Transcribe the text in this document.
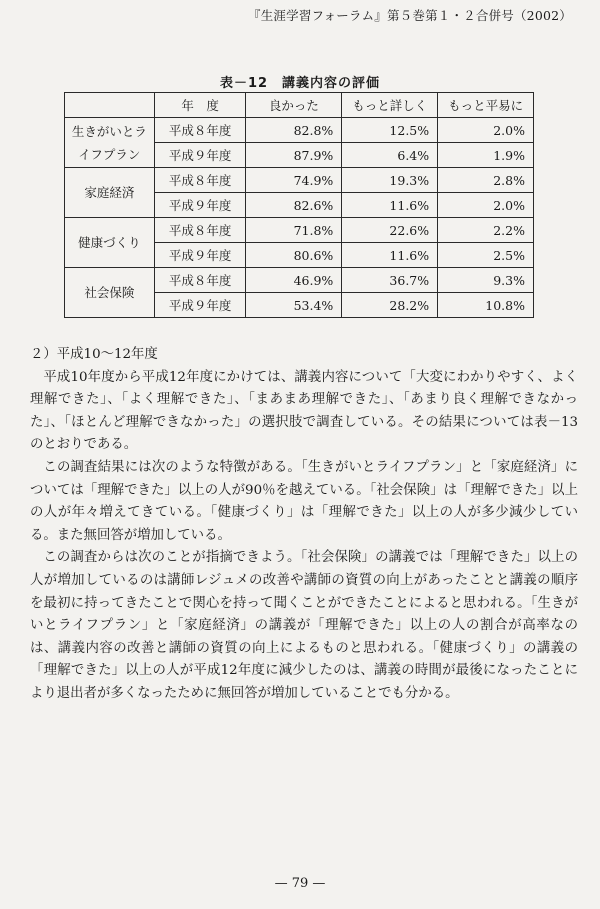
『生涯学習フォーラム』第５巻第１・２合併号（2002）
表－12　講義内容の評価
	年　度	良かった	もっと詳しく	もっと平易に
生きがいとライフプラン	平成８年度	82.8%	12.5%	2.0%
	平成９年度	87.9%	6.4%	1.9%
家庭経済	平成８年度	74.9%	19.3%	2.8%
	平成９年度	82.6%	11.6%	2.0%
健康づくり	平成８年度	71.8%	22.6%	2.2%
	平成９年度	80.6%	11.6%	2.5%
社会保険	平成８年度	46.9%	36.7%	9.3%
	平成９年度	53.4%	28.2%	10.8%
２）平成10～12年度

平成10年度から平成12年度にかけては、講義内容について「大変にわかりやすく、よく理解できた」、「よく理解できた」、「まあまあ理解できた」、「あまり良く理解できなかった」、「ほとんど理解できなかった」の選択肢で調査している。その結果については表－13のとおりである。

この調査結果には次のような特徴がある。「生きがいとライフプラン」と「家庭経済」については「理解できた」以上の人が90％を越えている。「社会保険」は「理解できた」以上の人が年々増えてきている。「健康づくり」は「理解できた」以上の人が多少減少している。また無回答が増加している。

この調査からは次のことが指摘できよう。「社会保険」の講義では「理解できた」以上の人が増加しているのは講師レジュメの改善や講師の資質の向上があったことと講義の順序を最初に持ってきたことで関心を持って聞くことができたことによると思われる。「生きがいとライフプラン」と「家庭経済」の講義が「理解できた」以上の人の割合が高率なのは、講義内容の改善と講師の資質の向上によるものと思われる。「健康づくり」の講義の「理解できた」以上の人が平成12年度に減少したのは、講義の時間が最後になったことにより退出者が多くなったために無回答が増加していることでも分かる。

— 79 —
